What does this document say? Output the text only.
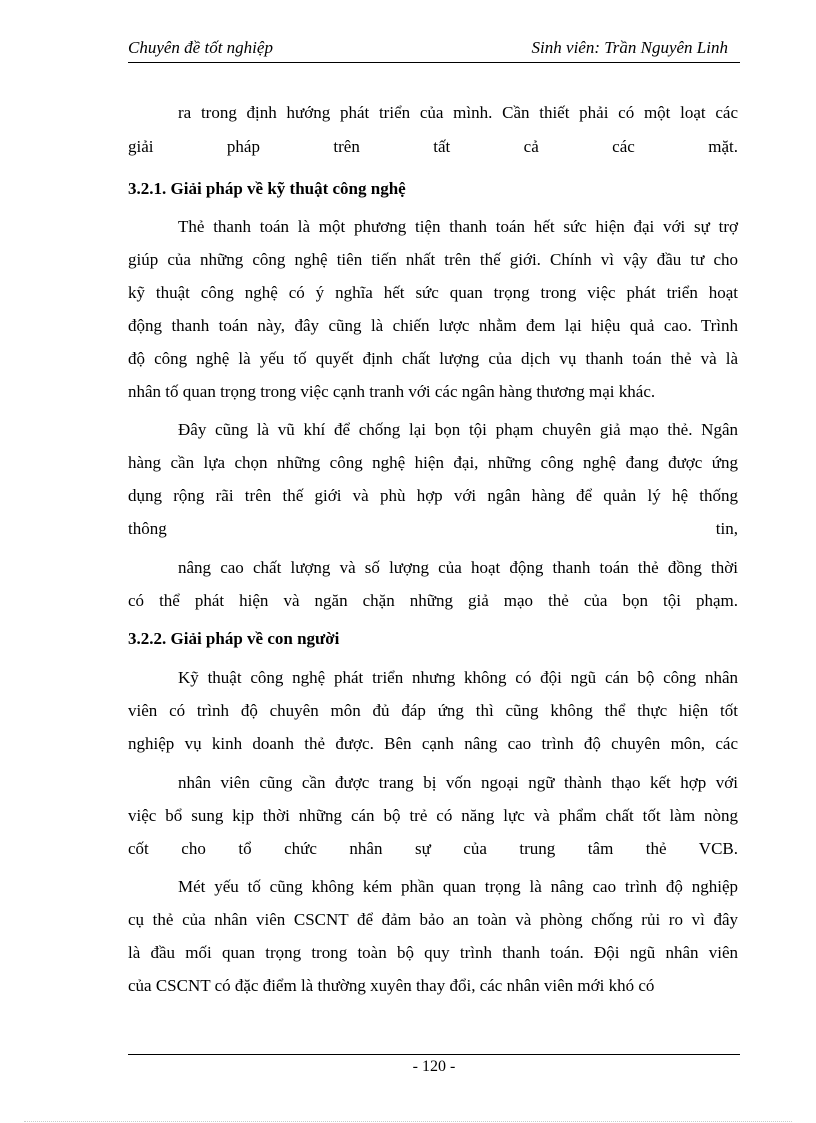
Chuyên đề tốt nghiệp	Sinh viên: Trần Nguyên Linh
ra trong định hướng phát triển của mình. Cần thiết phải có một loạt các
giải pháp trên tất cả các mặt.
3.2.1. Giải pháp về kỹ thuật công nghệ
Thẻ thanh toán là một phương tiện thanh toán hết sức hiện đại với sự trợ
giúp của những công nghệ tiên tiến nhất trên thế giới. Chính vì vậy đầu tư cho
kỹ thuật công nghệ có ý nghĩa hết sức quan trọng trong việc phát triển hoạt
động thanh toán này, đây cũng là chiến lược nhằm đem lại hiệu quả cao. Trình
độ công nghệ là yếu tố quyết định chất lượng của dịch vụ thanh toán thẻ và là
nhân tố quan trọng trong việc cạnh tranh với các ngân hàng thương mại khác.
Đây cũng là vũ khí để chống lại bọn tội phạm chuyên giả mạo thẻ. Ngân
hàng cần lựa chọn những công nghệ hiện đại, những công nghệ đang được ứng
dụng rộng rãi trên thế giới và phù hợp với ngân hàng để quản lý hệ thống
thông tin,
nâng cao chất lượng và số lượng của hoạt động thanh toán thẻ đồng thời
có thể phát hiện và ngăn chặn những giả mạo thẻ của bọn tội phạm.
3.2.2. Giải pháp về con người
Kỹ thuật công nghệ phát triển nhưng không có đội ngũ cán bộ công nhân
viên có trình độ chuyên môn đủ đáp ứng thì cũng không thể thực hiện tốt
nghiệp vụ kinh doanh thẻ được. Bên cạnh nâng cao trình độ chuyên môn, các
nhân viên cũng cần được trang bị vốn ngoại ngữ thành thạo kết hợp với
việc bổ sung kịp thời những cán bộ trẻ có năng lực và phẩm chất tốt làm nòng
cốt cho tổ chức nhân sự của trung tâm thẻ VCB.
Mét yếu tố cũng không kém phần quan trọng là nâng cao trình độ nghiệp
cụ thẻ của nhân viên CSCNT để đảm bảo an toàn và phòng chống rủi ro vì đây
là đầu mối quan trọng trong toàn bộ quy trình thanh toán. Đội ngũ nhân viên
của CSCNT có đặc điểm là thường xuyên thay đổi, các nhân viên mới khó có
- 120 -
